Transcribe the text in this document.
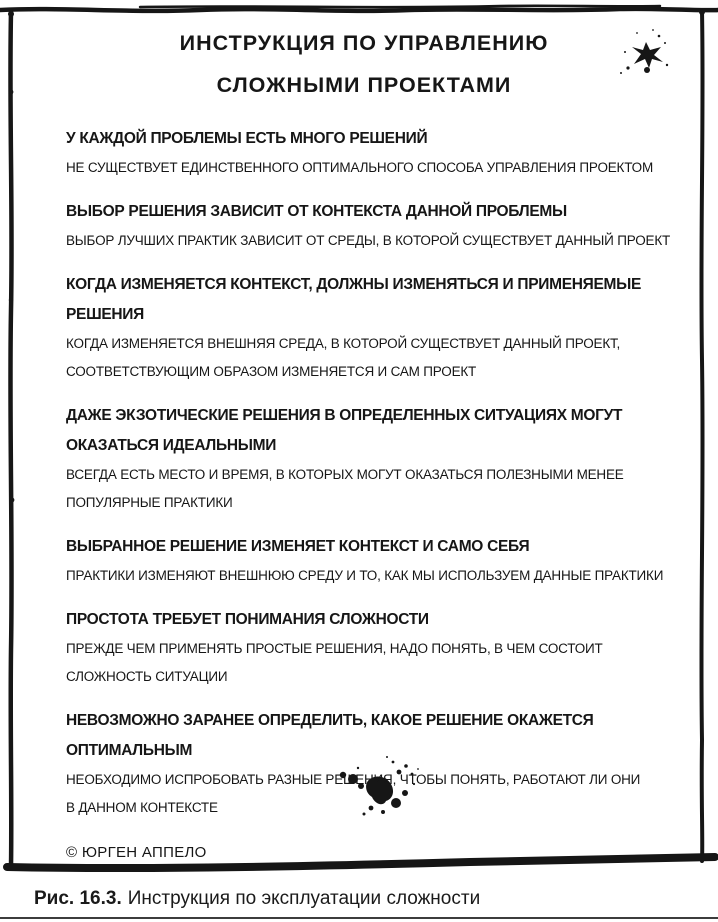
ИНСТРУКЦИЯ ПО УПРАВЛЕНИЮ
СЛОЖНЫМИ ПРОЕКТАМИ
У КАЖДОЙ ПРОБЛЕМЫ ЕСТЬ МНОГО РЕШЕНИЙ
НЕ СУЩЕСТВУЕТ ЕДИНСТВЕННОГО ОПТИМАЛЬНОГО СПОСОБА УПРАВЛЕНИЯ ПРОЕКТОМ
ВЫБОР РЕШЕНИЯ ЗАВИСИТ ОТ КОНТЕКСТА ДАННОЙ ПРОБЛЕМЫ
ВЫБОР ЛУЧШИХ ПРАКТИК ЗАВИСИТ ОТ СРЕДЫ, В КОТОРОЙ СУЩЕСТВУЕТ ДАННЫЙ ПРОЕКТ
КОГДА ИЗМЕНЯЕТСЯ КОНТЕКСТ, ДОЛЖНЫ ИЗМЕНЯТЬСЯ И ПРИМЕНЯЕМЫЕ
РЕШЕНИЯ
КОГДА ИЗМЕНЯЕТСЯ ВНЕШНЯЯ СРЕДА, В КОТОРОЙ СУЩЕСТВУЕТ ДАННЫЙ ПРОЕКТ,
СООТВЕТСТВУЮЩИМ ОБРАЗОМ ИЗМЕНЯЕТСЯ И САМ ПРОЕКТ
ДАЖЕ ЭКЗОТИЧЕСКИЕ РЕШЕНИЯ В ОПРЕДЕЛЕННЫХ СИТУАЦИЯХ МОГУТ
ОКАЗАТЬСЯ ИДЕАЛЬНЫМИ
ВСЕГДА ЕСТЬ МЕСТО И ВРЕМЯ, В КОТОРЫХ МОГУТ ОКАЗАТЬСЯ ПОЛЕЗНЫМИ МЕНЕЕ
ПОПУЛЯРНЫЕ ПРАКТИКИ
ВЫБРАННОЕ РЕШЕНИЕ ИЗМЕНЯЕТ КОНТЕКСТ И САМО СЕБЯ
ПРАКТИКИ ИЗМЕНЯЮТ ВНЕШНЮЮ СРЕДУ И ТО, КАК МЫ ИСПОЛЬЗУЕМ ДАННЫЕ ПРАКТИКИ
ПРОСТОТА ТРЕБУЕТ ПОНИМАНИЯ СЛОЖНОСТИ
ПРЕЖДЕ ЧЕМ ПРИМЕНЯТЬ ПРОСТЫЕ РЕШЕНИЯ, НАДО ПОНЯТЬ, В ЧЕМ СОСТОИТ
СЛОЖНОСТЬ СИТУАЦИИ
НЕВОЗМОЖНО ЗАРАНЕЕ ОПРЕДЕЛИТЬ, КАКОЕ РЕШЕНИЕ ОКАЖЕТСЯ
ОПТИМАЛЬНЫМ
НЕОБХОДИМО ИСПРОБОВАТЬ РАЗНЫЕ РЕШЕНИЯ, ЧТОБЫ ПОНЯТЬ, РАБОТАЮТ ЛИ ОНИ
В ДАННОМ КОНТЕКСТЕ
© ЮРГЕН АППЕЛО
Рис. 16.3. Инструкция по эксплуатации сложности
